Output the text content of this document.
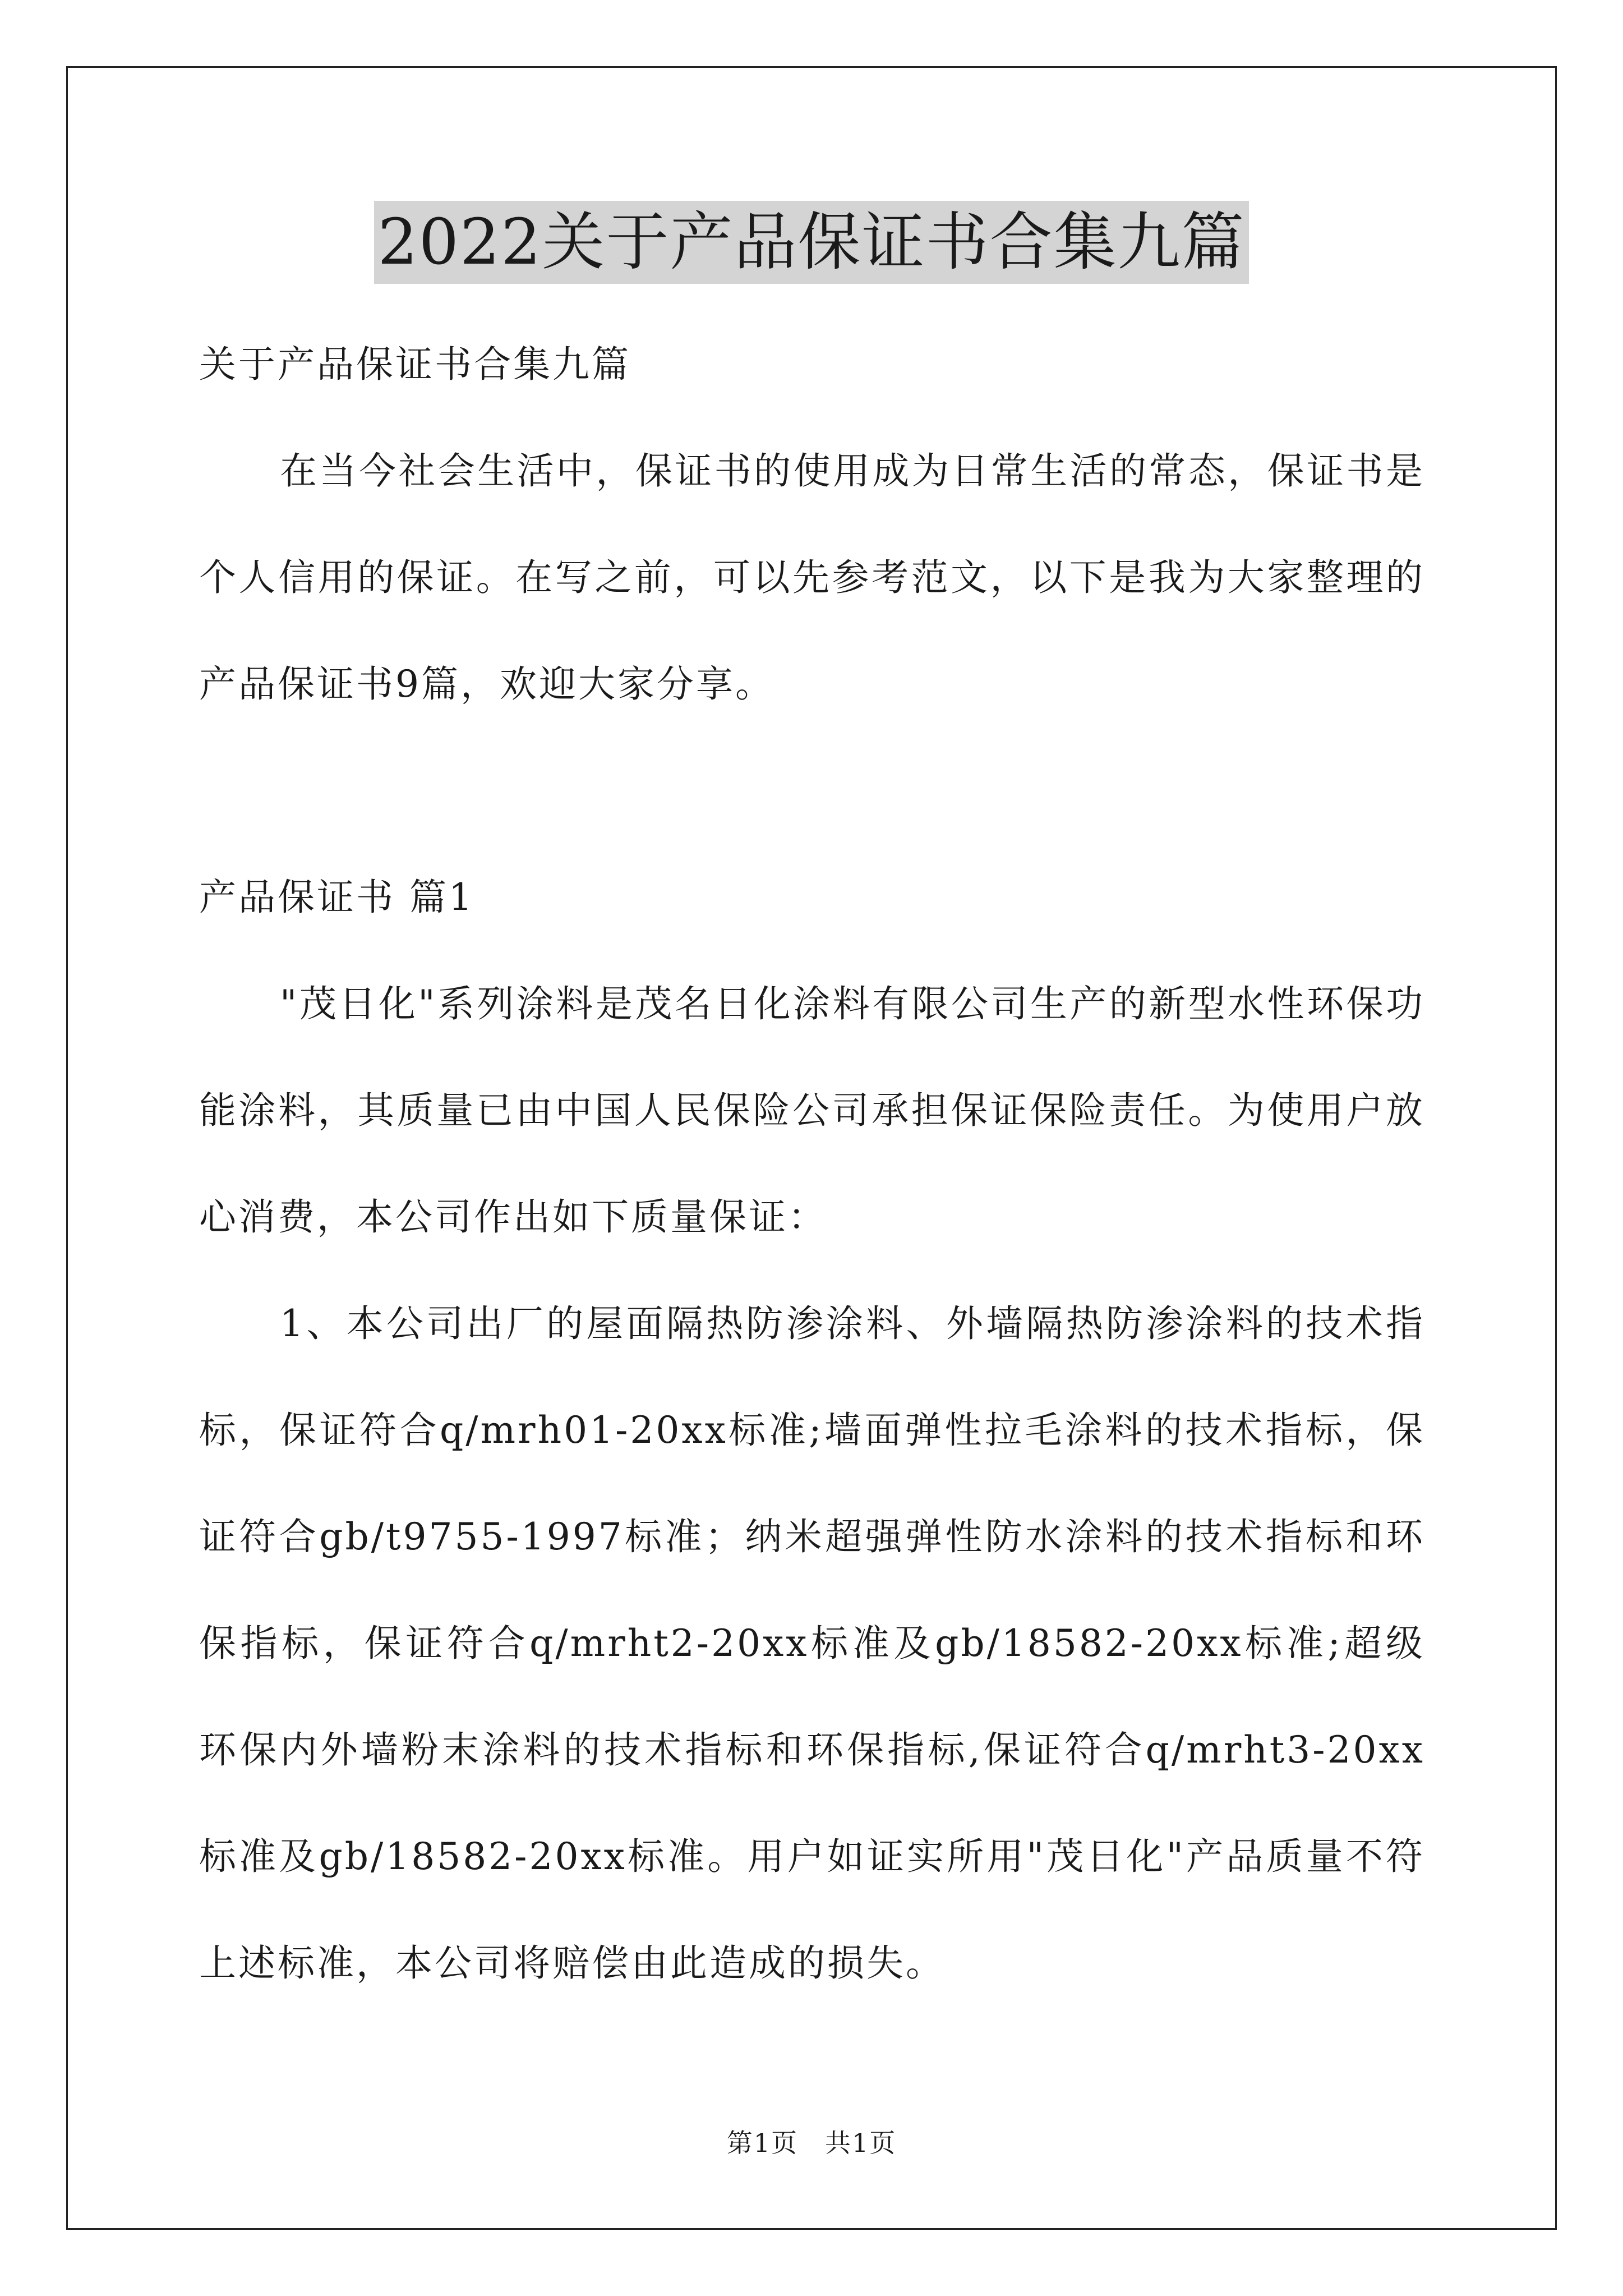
2022关于产品保证书合集九篇

关于产品保证书合集九篇

在当今社会生活中，保证书的使用成为日常生活的常态，保证书是个人信用的保证。在写之前，可以先参考范文，以下是我为大家整理的产品保证书9篇，欢迎大家分享。

产品保证书 篇1

"茂日化"系列涂料是茂名日化涂料有限公司生产的新型水性环保功能涂料，其质量已由中国人民保险公司承担保证保险责任。为使用户放心消费，本公司作出如下质量保证：

1、本公司出厂的屋面隔热防渗涂料、外墙隔热防渗涂料的技术指标，保证符合q/mrh01-20xx标准;墙面弹性拉毛涂料的技术指标，保证符合gb/t9755-1997标准；纳米超强弹性防水涂料的技术指标和环保指标，保证符合q/mrht2-20xx标准及gb/18582-20xx标准;超级环保内外墙粉末涂料的技术指标和环保指标,保证符合q/mrht3-20xx标准及gb/18582-20xx标准。用户如证实所用"茂日化"产品质量不符上述标准，本公司将赔偿由此造成的损失。

第1页　共1页
